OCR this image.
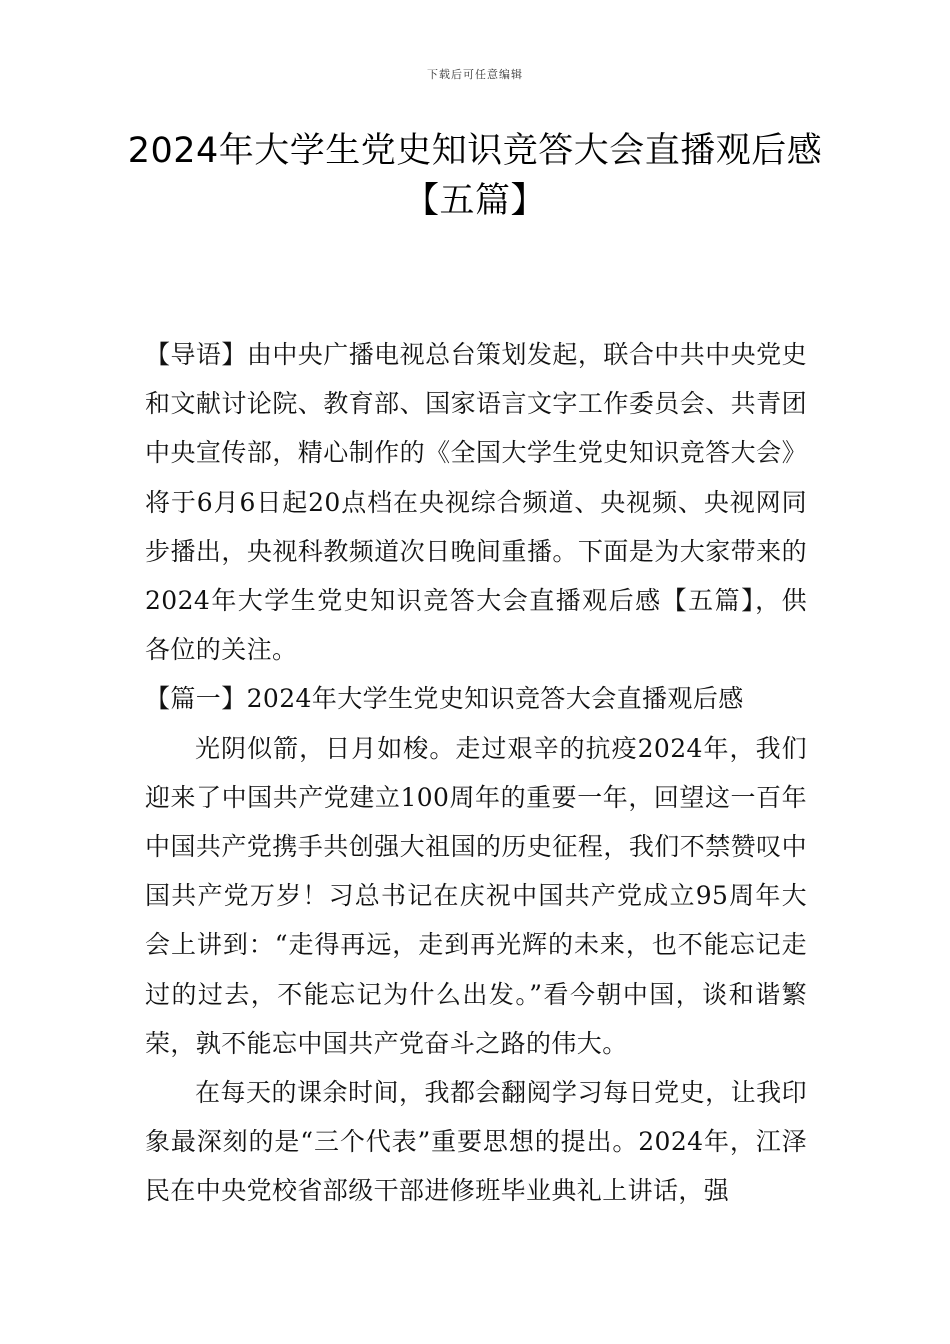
下载后可任意编辑
2024年大学生党史知识竞答大会直播观后感【五篇】

【导语】由中央广播电视总台策划发起，联合中共中央党史和文献讨论院、教育部、国家语言文字工作委员会、共青团中央宣传部，精心制作的《全国大学生党史知识竞答大会》将于6月6日起20点档在央视综合频道、央视频、央视网同步播出，央视科教频道次日晚间重播。下面是为大家带来的2024年大学生党史知识竞答大会直播观后感【五篇】，供各位的关注。

【篇一】2024年大学生党史知识竞答大会直播观后感

光阴似箭，日月如梭。走过艰辛的抗疫2024年，我们迎来了中国共产党建立100周年的重要一年，回望这一百年中国共产党携手共创强大祖国的历史征程，我们不禁赞叹中国共产党万岁！习总书记在庆祝中国共产党成立95周年大会上讲到：“走得再远，走到再光辉的未来，也不能忘记走过的过去，不能忘记为什么出发。”看今朝中国，谈和谐繁荣，孰不能忘中国共产党奋斗之路的伟大。

在每天的课余时间，我都会翻阅学习每日党史，让我印象最深刻的是“三个代表”重要思想的提出。2024年，江泽民在中央党校省部级干部进修班毕业典礼上讲话，强
